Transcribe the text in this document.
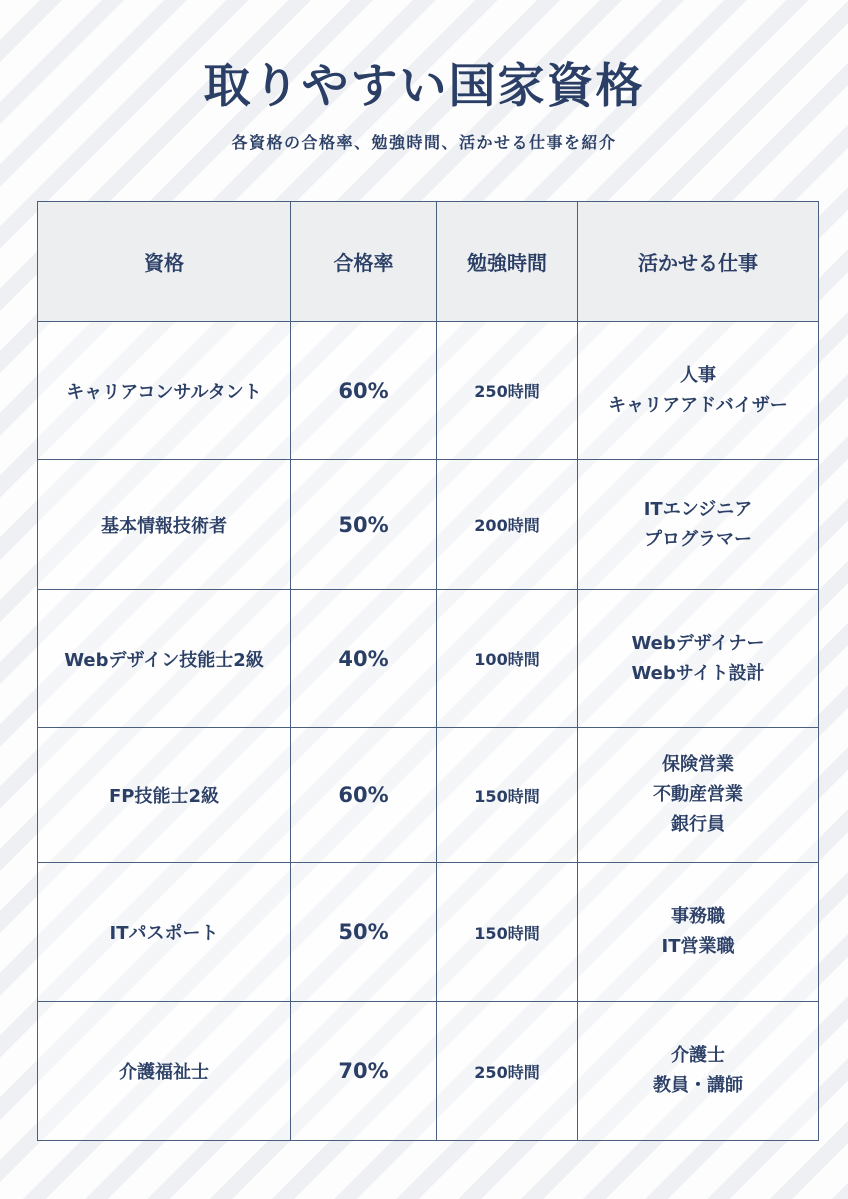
取りやすい国家資格
各資格の合格率、勉強時間、活かせる仕事を紹介
資格	合格率	勉強時間	活かせる仕事
キャリアコンサルタント	60%	250時間	人事
キャリアアドバイザー

基本情報技術者	50%	200時間	ITエンジニア
プログラマー

Webデザイン技能士2級	40%	100時間	Webデザイナー
Webサイト設計

FP技能士2級	60%	150時間	保険営業
不動産営業
銀行員

ITパスポート	50%	150時間	事務職
IT営業職

介護福祉士	70%	250時間	介護士
教員・講師
